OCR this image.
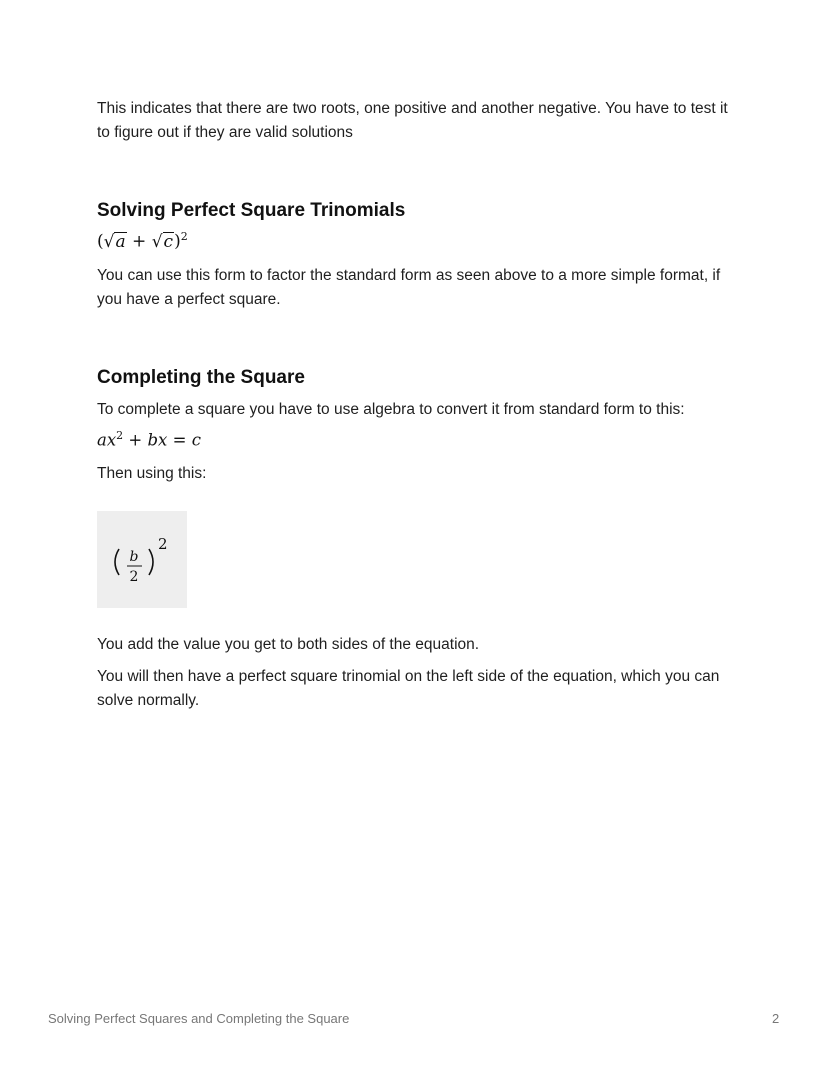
This indicates that there are two roots, one positive and another negative. You have to test it to figure out if they are valid solutions

Solving Perfect Square Trinomials
$(√a + √c)^2$

You can use this form to factor the standard form as seen above to a more simple format, if you have a perfect square.

Completing the Square

To complete a square you have to use algebra to convert it from standard form to this:

$ax^2$ + bx = c

Then using this:

b
2
2

You add the value you get to both sides of the equation.

You will then have a perfect square trinomial on the left side of the equation, which you can solve normally.

Solving Perfect Squares and Completing the Square	2
